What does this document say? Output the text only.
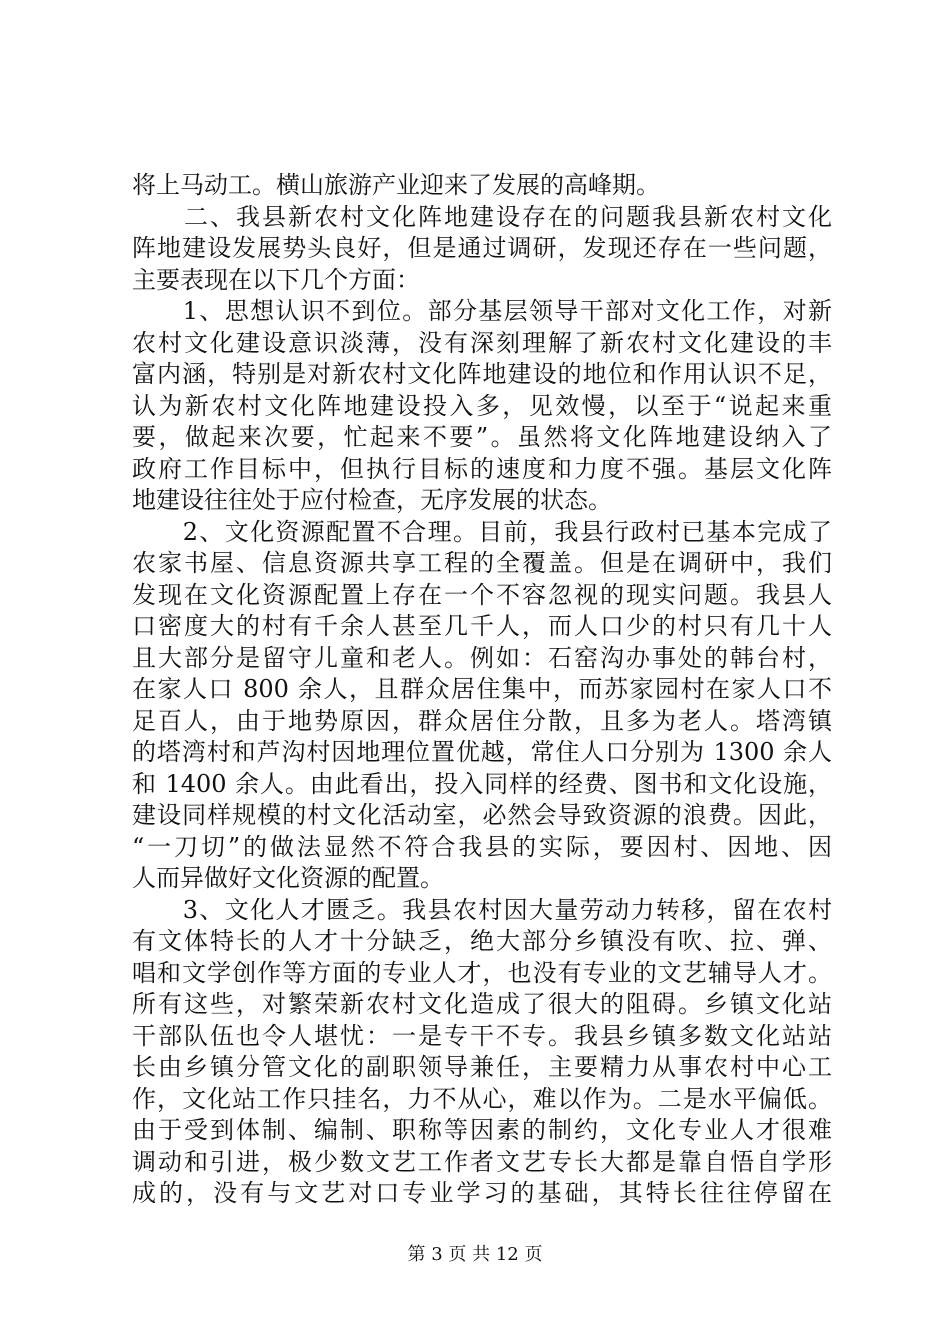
将上马动工。横山旅游产业迎来了发展的高峰期。
　　二、我县新农村文化阵地建设存在的问题我县新农村文化
阵地建设发展势头良好，但是通过调研，发现还存在一些问题，
主要表现在以下几个方面：
　　1、思想认识不到位。部分基层领导干部对文化工作，对新
农村文化建设意识淡薄，没有深刻理解了新农村文化建设的丰
富内涵，特别是对新农村文化阵地建设的地位和作用认识不足，
认为新农村文化阵地建设投入多，见效慢，以至于“说起来重
要，做起来次要，忙起来不要”。虽然将文化阵地建设纳入了
政府工作目标中，但执行目标的速度和力度不强。基层文化阵
地建设往往处于应付检查，无序发展的状态。
　　2、文化资源配置不合理。目前，我县行政村已基本完成了
农家书屋、信息资源共享工程的全覆盖。但是在调研中，我们
发现在文化资源配置上存在一个不容忽视的现实问题。我县人
口密度大的村有千余人甚至几千人，而人口少的村只有几十人
且大部分是留守儿童和老人。例如：石窑沟办事处的韩台村，
在家人口 800 余人，且群众居住集中，而苏家园村在家人口不
足百人，由于地势原因，群众居住分散，且多为老人。塔湾镇
的塔湾村和芦沟村因地理位置优越，常住人口分别为 1300 余人
和 1400 余人。由此看出，投入同样的经费、图书和文化设施，
建设同样规模的村文化活动室，必然会导致资源的浪费。因此，
“一刀切”的做法显然不符合我县的实际，要因村、因地、因
人而异做好文化资源的配置。
　　3、文化人才匮乏。我县农村因大量劳动力转移，留在农村
有文体特长的人才十分缺乏，绝大部分乡镇没有吹、拉、弹、
唱和文学创作等方面的专业人才，也没有专业的文艺辅导人才。
所有这些，对繁荣新农村文化造成了很大的阻碍。乡镇文化站
干部队伍也令人堪忧：一是专干不专。我县乡镇多数文化站站
长由乡镇分管文化的副职领导兼任，主要精力从事农村中心工
作，文化站工作只挂名，力不从心，难以作为。二是水平偏低。
由于受到体制、编制、职称等因素的制约，文化专业人才很难
调动和引进，极少数文艺工作者文艺专长大都是靠自悟自学形
成的，没有与文艺对口专业学习的基础，其特长往往停留在
第 3 页 共 12 页
